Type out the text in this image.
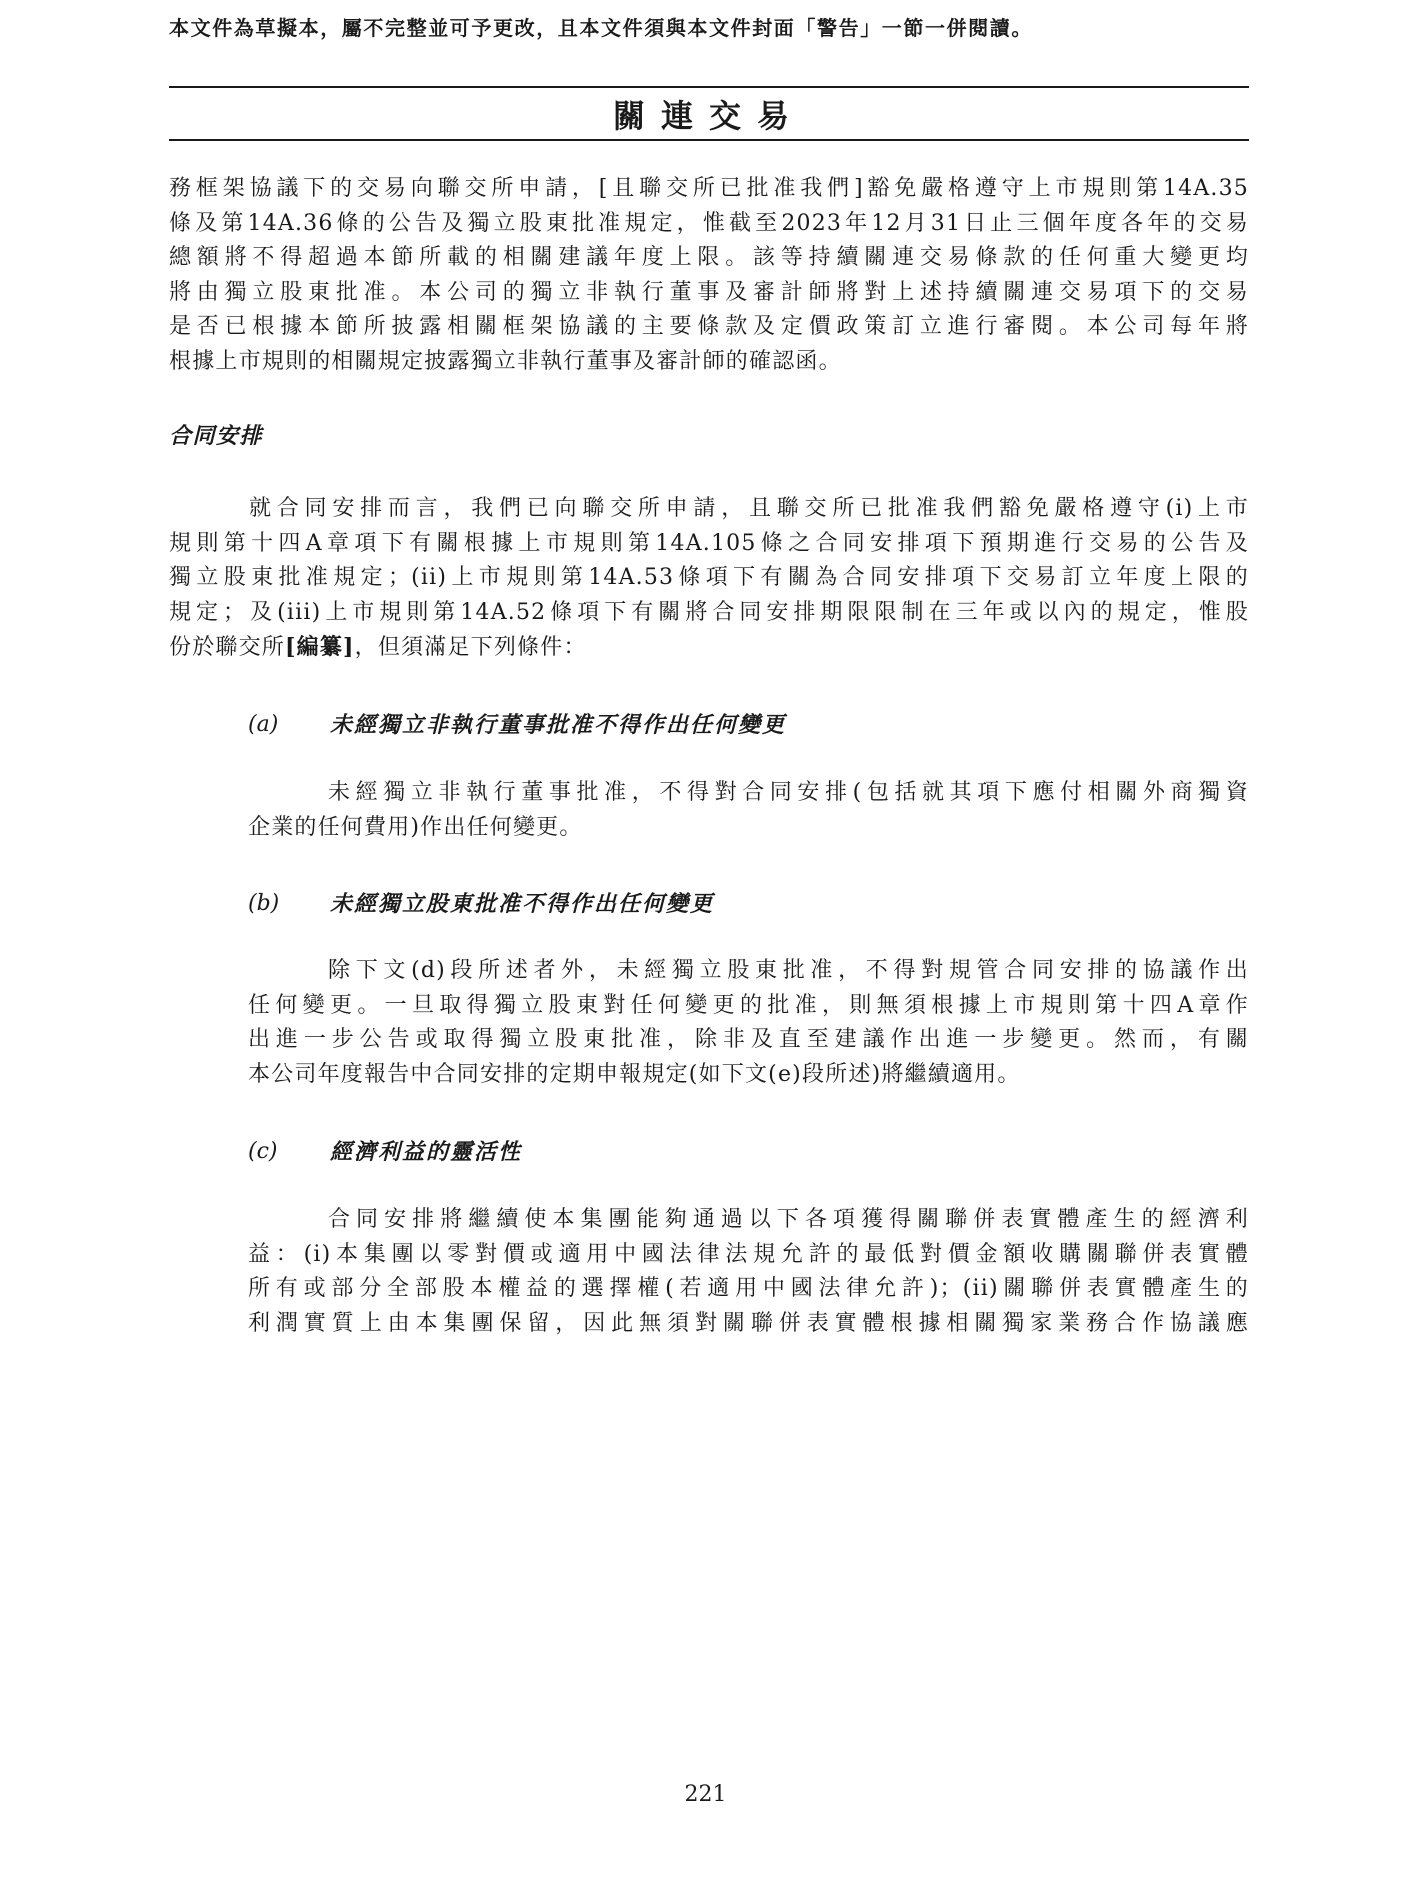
本文件為草擬本，屬不完整並可予更改，且本文件須與本文件封面「警告」一節一併閱讀。
關連交易
務框架協議下的交易向聯交所申請，[且聯交所已批准我們]豁免嚴格遵守上市規則第14A.35
條及第14A.36條的公告及獨立股東批准規定，惟截至2023年12月31日止三個年度各年的交易
總額將不得超過本節所載的相關建議年度上限。該等持續關連交易條款的任何重大變更均
將由獨立股東批准。本公司的獨立非執行董事及審計師將對上述持續關連交易項下的交易
是否已根據本節所披露相關框架協議的主要條款及定價政策訂立進行審閱。本公司每年將
根據上市規則的相關規定披露獨立非執行董事及審計師的確認函。
合同安排
就合同安排而言，我們已向聯交所申請，且聯交所已批准我們豁免嚴格遵守(i)上市
規則第十四A章項下有關根據上市規則第14A.105條之合同安排項下預期進行交易的公告及
獨立股東批准規定；(ii)上市規則第14A.53條項下有關為合同安排項下交易訂立年度上限的
規定；及(iii)上市規則第14A.52條項下有關將合同安排期限限制在三年或以內的規定，惟股
份於聯交所[編纂]，但須滿足下列條件：
(a) 未經獨立非執行董事批准不得作出任何變更
未經獨立非執行董事批准，不得對合同安排(包括就其項下應付相關外商獨資
企業的任何費用)作出任何變更。
(b) 未經獨立股東批准不得作出任何變更
除下文(d)段所述者外，未經獨立股東批准，不得對規管合同安排的協議作出
任何變更。一旦取得獨立股東對任何變更的批准，則無須根據上市規則第十四A章作
出進一步公告或取得獨立股東批准，除非及直至建議作出進一步變更。然而，有關
本公司年度報告中合同安排的定期申報規定(如下文(e)段所述)將繼續適用。
(c) 經濟利益的靈活性
合同安排將繼續使本集團能夠通過以下各項獲得關聯併表實體產生的經濟利
益：(i)本集團以零對價或適用中國法律法規允許的最低對價金額收購關聯併表實體
所有或部分全部股本權益的選擇權(若適用中國法律允許)；(ii)關聯併表實體產生的
利潤實質上由本集團保留，因此無須對關聯併表實體根據相關獨家業務合作協議應
221
